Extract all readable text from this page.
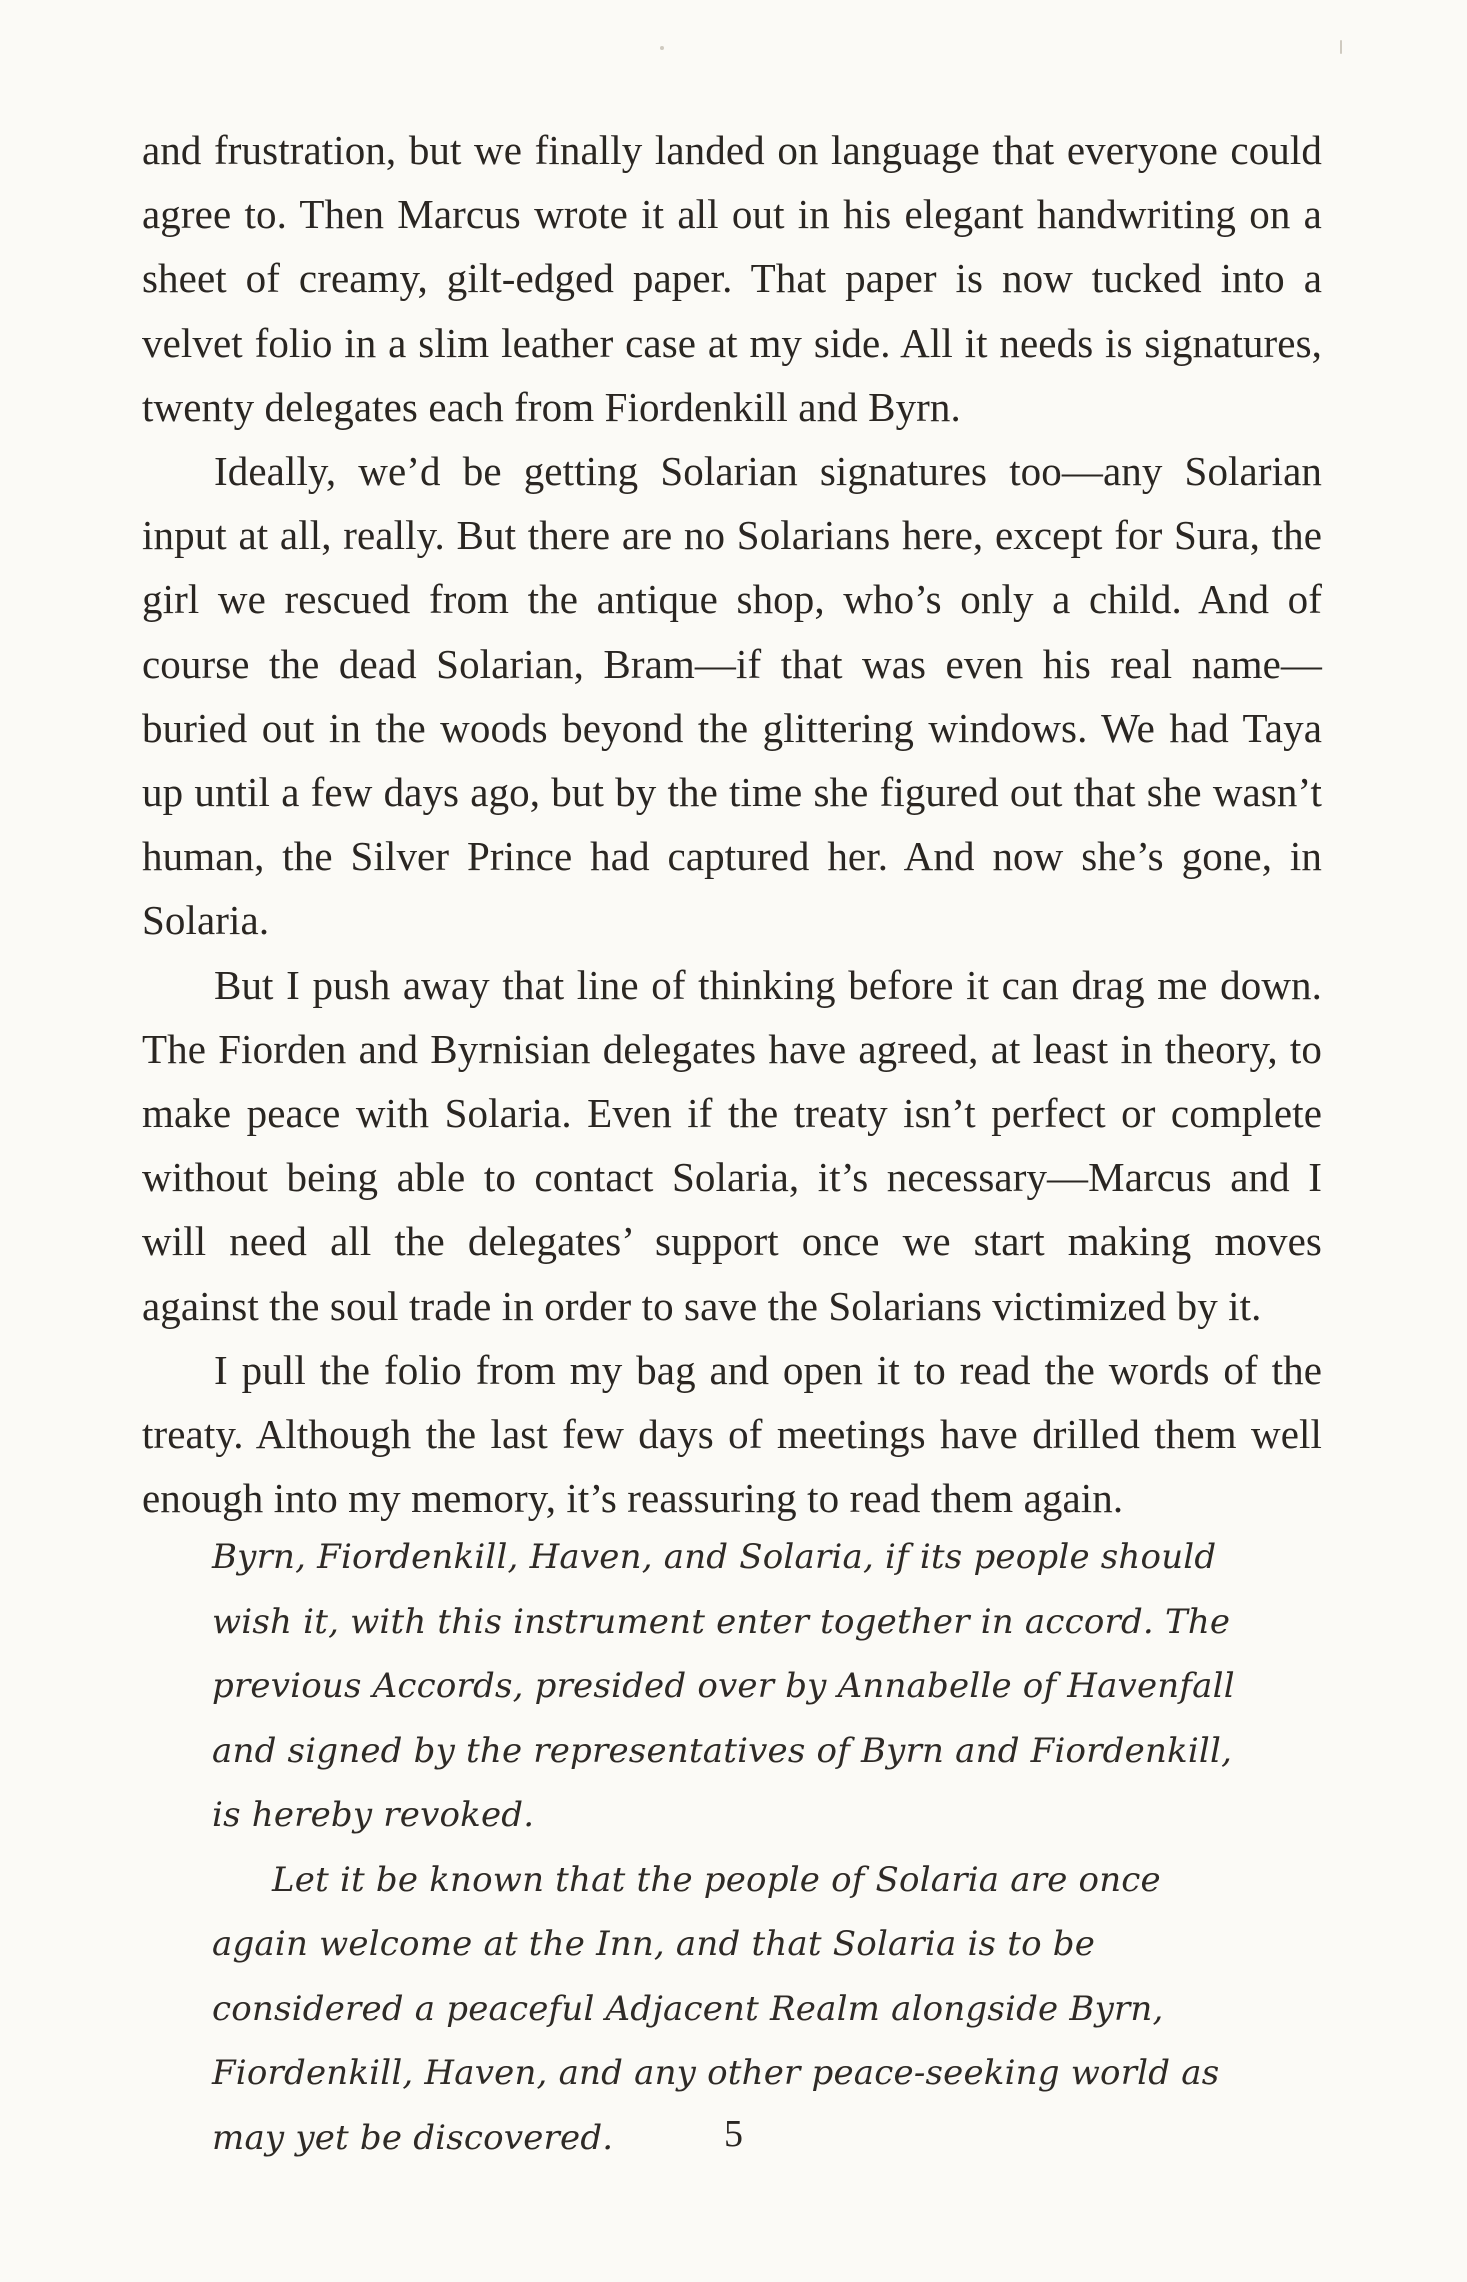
and frustration, but we finally landed on language that everyone could agree to. Then Marcus wrote it all out in his elegant handwriting on a sheet of creamy, gilt-edged paper. That paper is now tucked into a velvet folio in a slim leather case at my side. All it needs is signatures, twenty delegates each from Fiordenkill and Byrn.

Ideally, we’d be getting Solarian signatures too—any Solarian input at all, really. But there are no Solarians here, except for Sura, the girl we rescued from the antique shop, who’s only a child. And of course the dead Solarian, Bram—if that was even his real name—buried out in the woods beyond the glittering windows. We had Taya up until a few days ago, but by the time she figured out that she wasn’t human, the Silver Prince had captured her. And now she’s gone, in Solaria.

But I push away that line of thinking before it can drag me down. The Fiorden and Byrnisian delegates have agreed, at least in theory, to make peace with Solaria. Even if the treaty isn’t perfect or complete without being able to contact Solaria, it’s necessary—Marcus and I will need all the delegates’ support once we start making moves against the soul trade in order to save the Solarians victimized by it.

I pull the folio from my bag and open it to read the words of the treaty. Although the last few days of meetings have drilled them well enough into my memory, it’s reassuring to read them again.

Byrn, Fiordenkill, Haven, and Solaria, if its people should wish it, with this instrument enter together in accord. The previous Accords, presided over by Annabelle of Havenfall and signed by the representatives of Byrn and Fiordenkill, is hereby revoked.

Let it be known that the people of Solaria are once again welcome at the Inn, and that Solaria is to be considered a peaceful Adjacent Realm alongside Byrn, Fiordenkill, Haven, and any other peace-seeking world as may yet be discovered.	5
